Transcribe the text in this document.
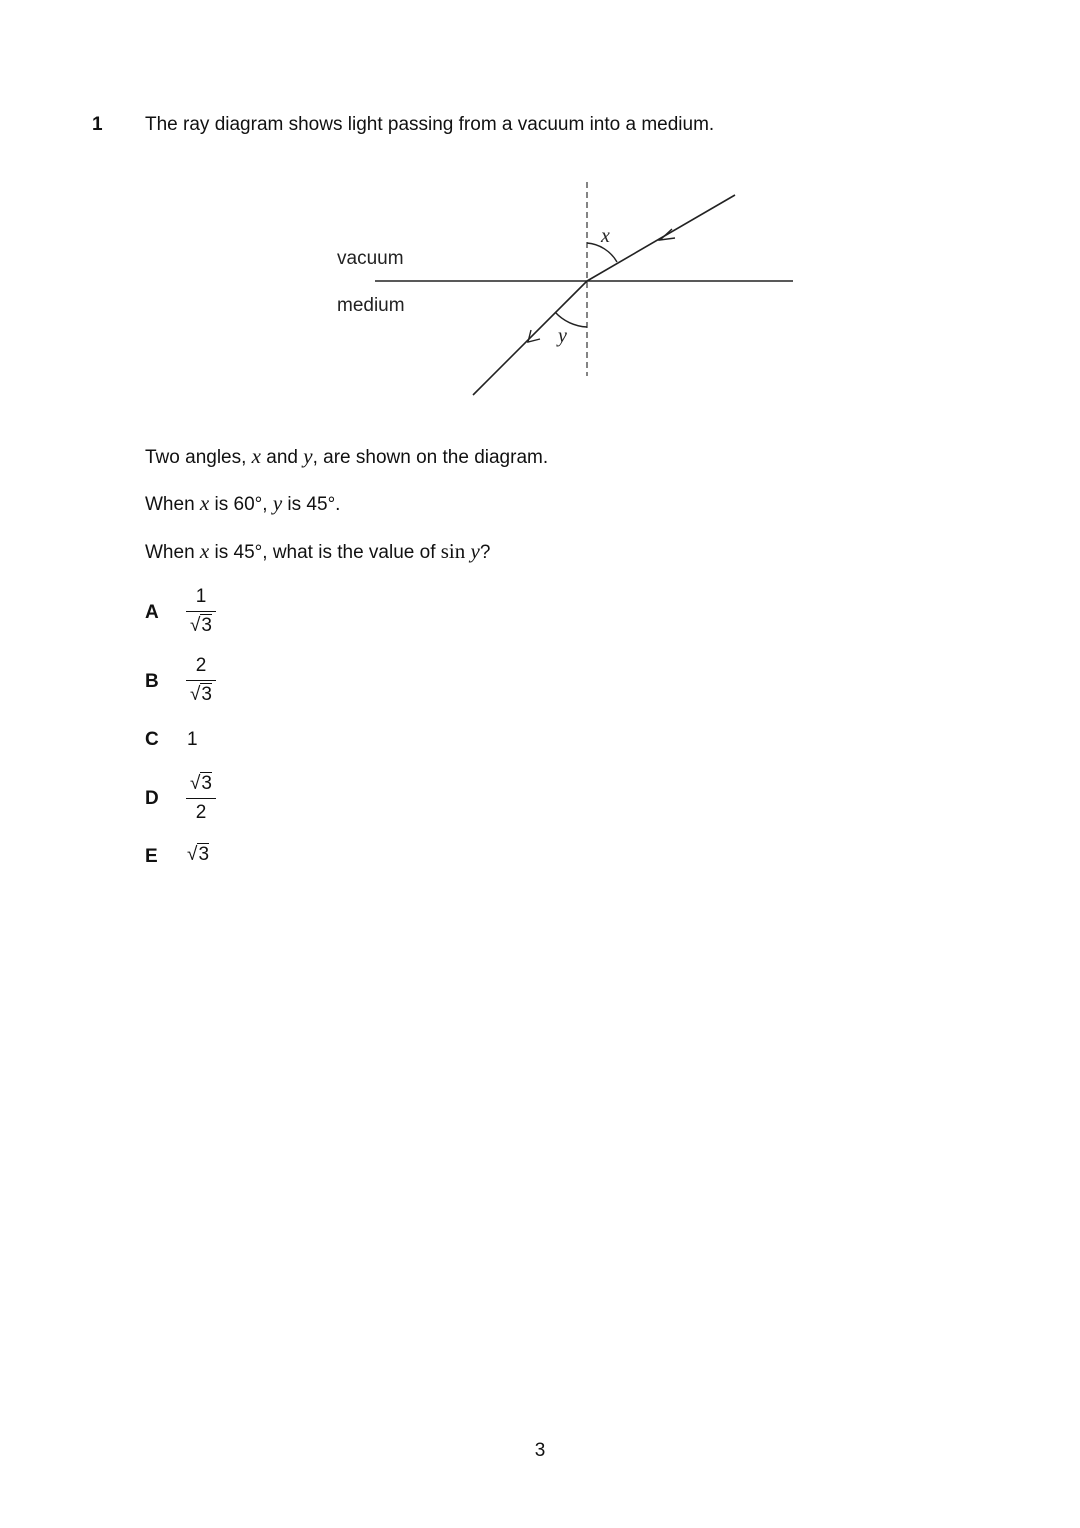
1 The ray diagram shows light passing from a vacuum into a medium.
vacuum
medium
x
y
Two angles, x and y, are shown on the diagram.
When x is 60°, y is 45°.
When x is 45°, what is the value of sin y?
A
1
√3
B
2
√3
C 1
D
√3
2
E √3
3
